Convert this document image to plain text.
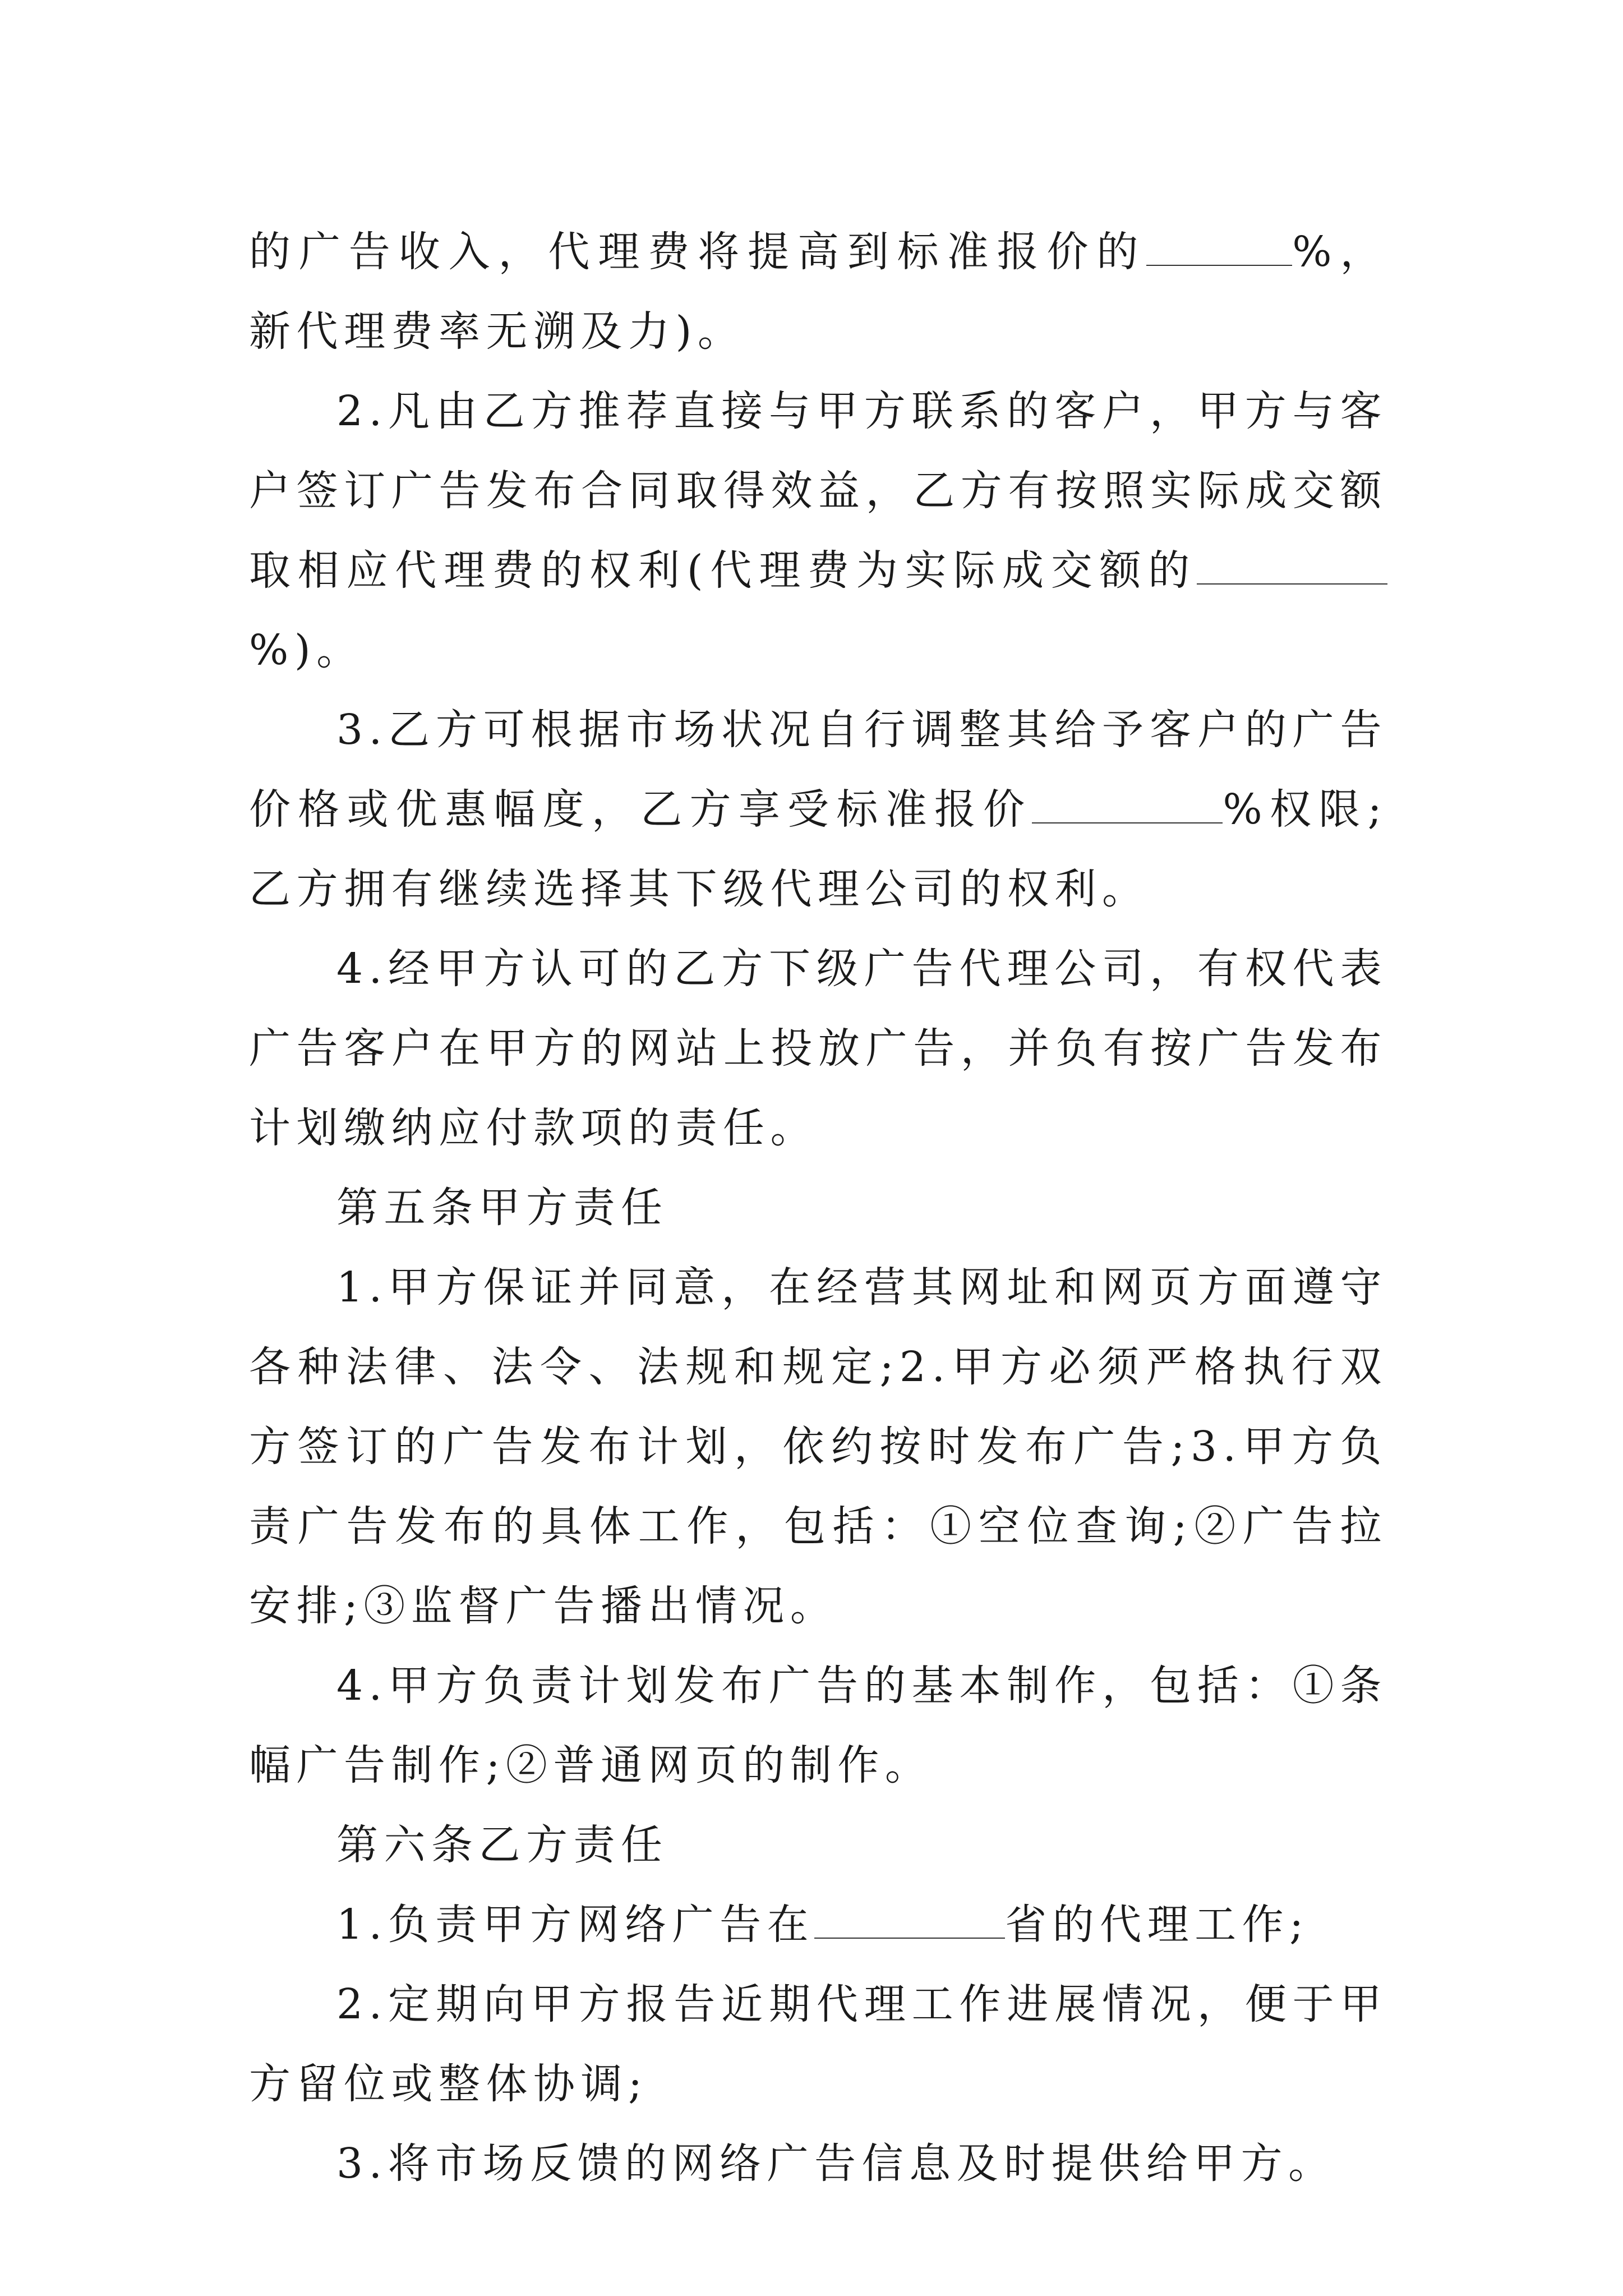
的广告收入，代理费将提高到标准报价的	%，新代理费率无溯及力)。

2.凡由乙方推荐直接与甲方联系的客户，甲方与客户签订广告发布合同取得效益，乙方有按照实际成交额取相应代理费的权利(代理费为实际成交额的%)。

3.乙方可根据市场状况自行调整其给予客户的广告价格或优惠幅度，乙方享受标准报价	%权限;乙方拥有继续选择其下级代理公司的权利。

4.经甲方认可的乙方下级广告代理公司，有权代表广告客户在甲方的网站上投放广告，并负有按广告发布计划缴纳应付款项的责任。

第五条甲方责任

1.甲方保证并同意，在经营其网址和网页方面遵守各种法律、法令、法规和规定;2.甲方必须严格执行双方签订的广告发布计划，依约按时发布广告;3.甲方负责广告发布的具体工作，包括：①空位查询;②广告拉安排;③监督广告播出情况。

4.甲方负责计划发布广告的基本制作，包括：①条幅广告制作;②普通网页的制作。

第六条乙方责任

1.负责甲方网络广告在	省的代理工作;

2.定期向甲方报告近期代理工作进展情况，便于甲方留位或整体协调;

3.将市场反馈的网络广告信息及时提供给甲方。
